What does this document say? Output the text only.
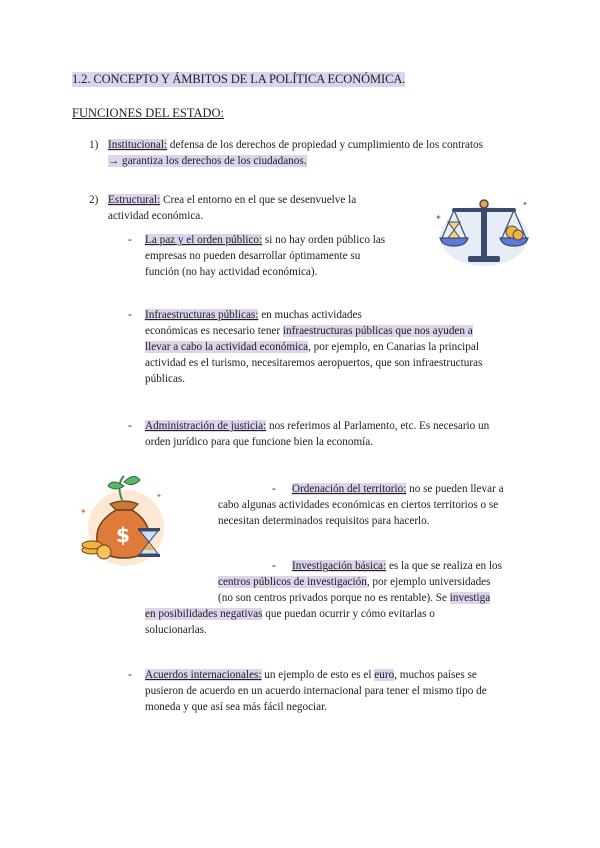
1.2. CONCEPTO Y ÁMBITOS DE LA POLÍTICA ECONÓMICA.
FUNCIONES DEL ESTADO:
1) Institucional: defensa de los derechos de propiedad y cumplimiento de los contratos
→ garantiza los derechos de los ciudadanos.
2) Estructural: Crea el entorno en el que se desenvuelve la
actividad económica.
- La paz y el orden público: si no hay orden público las
empresas no pueden desarrollar óptimamente su
función (no hay actividad económica).
✦
✦
- Infraestructuras públicas: en muchas actividades
económicas es necesario tener infraestructuras públicas que nos ayuden a
llevar a cabo la actividad económica, por ejemplo, en Canarias la principal
actividad es el turismo, necesitaremos aeropuertos, que son infraestructuras
públicas.
- Administración de justicia: nos referimos al Parlamento, etc. Es necesario un
orden jurídico para que funcione bien la economía.
$
✦
✦
- Ordenación del territorio: no se pueden llevar a
cabo algunas actividades económicas en ciertos territorios o se
necesitan determinados requisitos para hacerlo.
- Investigación básica: es la que se realiza en los
centros públicos de investigación, por ejemplo universidades
(no son centros privados porque no es rentable). Se investiga
en posibilidades negativas que puedan ocurrir y cómo evitarlas o
solucionarlas.
- Acuerdos internacionales: un ejemplo de esto es el euro, muchos países se
pusieron de acuerdo en un acuerdo internacional para tener el mismo tipo de
moneda y que así sea más fácil negociar.
